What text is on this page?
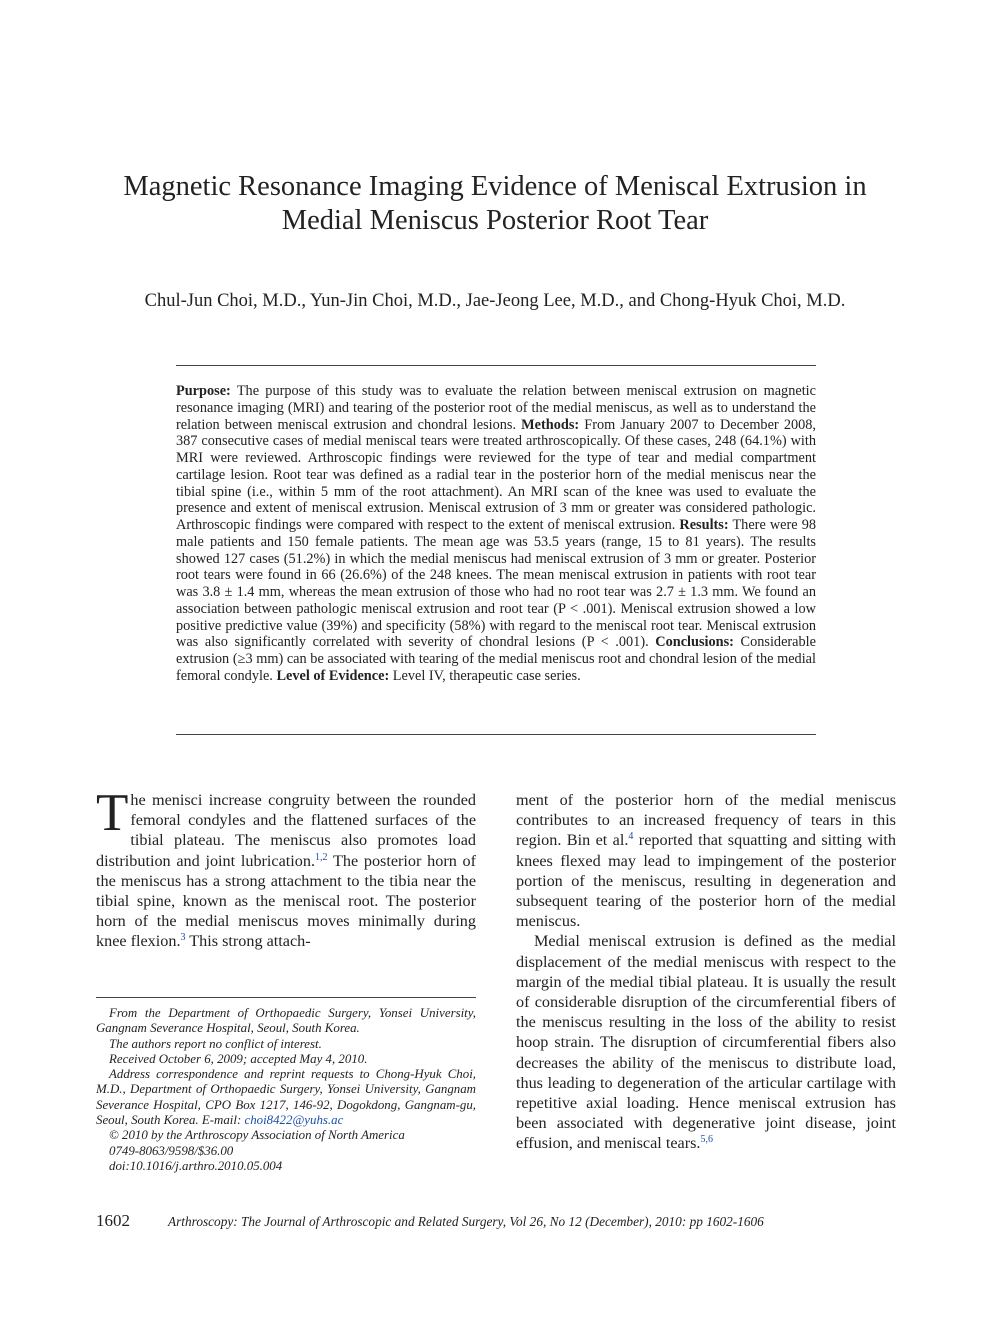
Magnetic Resonance Imaging Evidence of Meniscal Extrusion in
Medial Meniscus Posterior Root Tear
Chul-Jun Choi, M.D., Yun-Jin Choi, M.D., Jae-Jeong Lee, M.D., and Chong-Hyuk Choi, M.D.
Purpose: The purpose of this study was to evaluate the relation between meniscal extrusion on magnetic resonance imaging (MRI) and tearing of the posterior root of the medial meniscus, as well as to understand the relation between meniscal extrusion and chondral lesions. Methods: From January 2007 to December 2008, 387 consecutive cases of medial meniscal tears were treated arthroscopically. Of these cases, 248 (64.1%) with MRI were reviewed. Arthroscopic findings were reviewed for the type of tear and medial compartment cartilage lesion. Root tear was defined as a radial tear in the posterior horn of the medial meniscus near the tibial spine (i.e., within 5 mm of the root attachment). An MRI scan of the knee was used to evaluate the presence and extent of meniscal extrusion. Meniscal extrusion of 3 mm or greater was considered pathologic. Arthroscopic findings were compared with respect to the extent of meniscal extrusion. Results: There were 98 male patients and 150 female patients. The mean age was 53.5 years (range, 15 to 81 years). The results showed 127 cases (51.2%) in which the medial meniscus had meniscal extrusion of 3 mm or greater. Posterior root tears were found in 66 (26.6%) of the 248 knees. The mean meniscal extrusion in patients with root tear was 3.8 ± 1.4 mm, whereas the mean extrusion of those who had no root tear was 2.7 ± 1.3 mm. We found an association between pathologic meniscal extrusion and root tear (P < .001). Meniscal extrusion showed a low positive predictive value (39%) and specificity (58%) with regard to the meniscal root tear. Meniscal extrusion was also significantly correlated with severity of chondral lesions (P < .001). Conclusions: Considerable extrusion (≥3 mm) can be associated with tearing of the medial meniscus root and chondral lesion of the medial femoral condyle. Level of Evidence: Level IV, therapeutic case series.

The menisci increase congruity between the rounded femoral condyles and the flattened surfaces of the tibial plateau. The meniscus also promotes load distribution and joint lubrication.$^{1,2}$ The posterior horn of the meniscus has a strong attachment to the tibia near the tibial spine, known as the meniscal root. The posterior horn of the medial meniscus moves minimally during knee flexion.$^3$ This strong attach-

ment of the posterior horn of the medial meniscus contributes to an increased frequency of tears in this region. Bin et al.$^4$ reported that squatting and sitting with knees flexed may lead to impingement of the posterior portion of the meniscus, resulting in degeneration and subsequent tearing of the posterior horn of the medial meniscus.

Medial meniscal extrusion is defined as the medial displacement of the medial meniscus with respect to the margin of the medial tibial plateau. It is usually the result of considerable disruption of the circumferential fibers of the meniscus resulting in the loss of the ability to resist hoop strain. The disruption of circumferential fibers also decreases the ability of the meniscus to distribute load, thus leading to degeneration of the articular cartilage with repetitive axial loading. Hence meniscal extrusion has been associated with degenerative joint disease, joint effusion, and meniscal tears.$^{5,6}$

From the Department of Orthopaedic Surgery, Yonsei University, Gangnam Severance Hospital, Seoul, South Korea.

The authors report no conflict of interest.

Received October 6, 2009; accepted May 4, 2010.

Address correspondence and reprint requests to Chong-Hyuk Choi, M.D., Department of Orthopaedic Surgery, Yonsei University, Gangnam Severance Hospital, CPO Box 1217, 146-92, Dogokdong, Gangnam-gu, Seoul, South Korea. E-mail: choi8422@yuhs.ac

© 2010 by the Arthroscopy Association of North America

0749-8063/9598/$36.00

doi:10.1016/j.arthro.2010.05.004

1602	Arthroscopy: The Journal of Arthroscopic and Related Surgery, Vol 26, No 12 (December), 2010: pp 1602-1606
